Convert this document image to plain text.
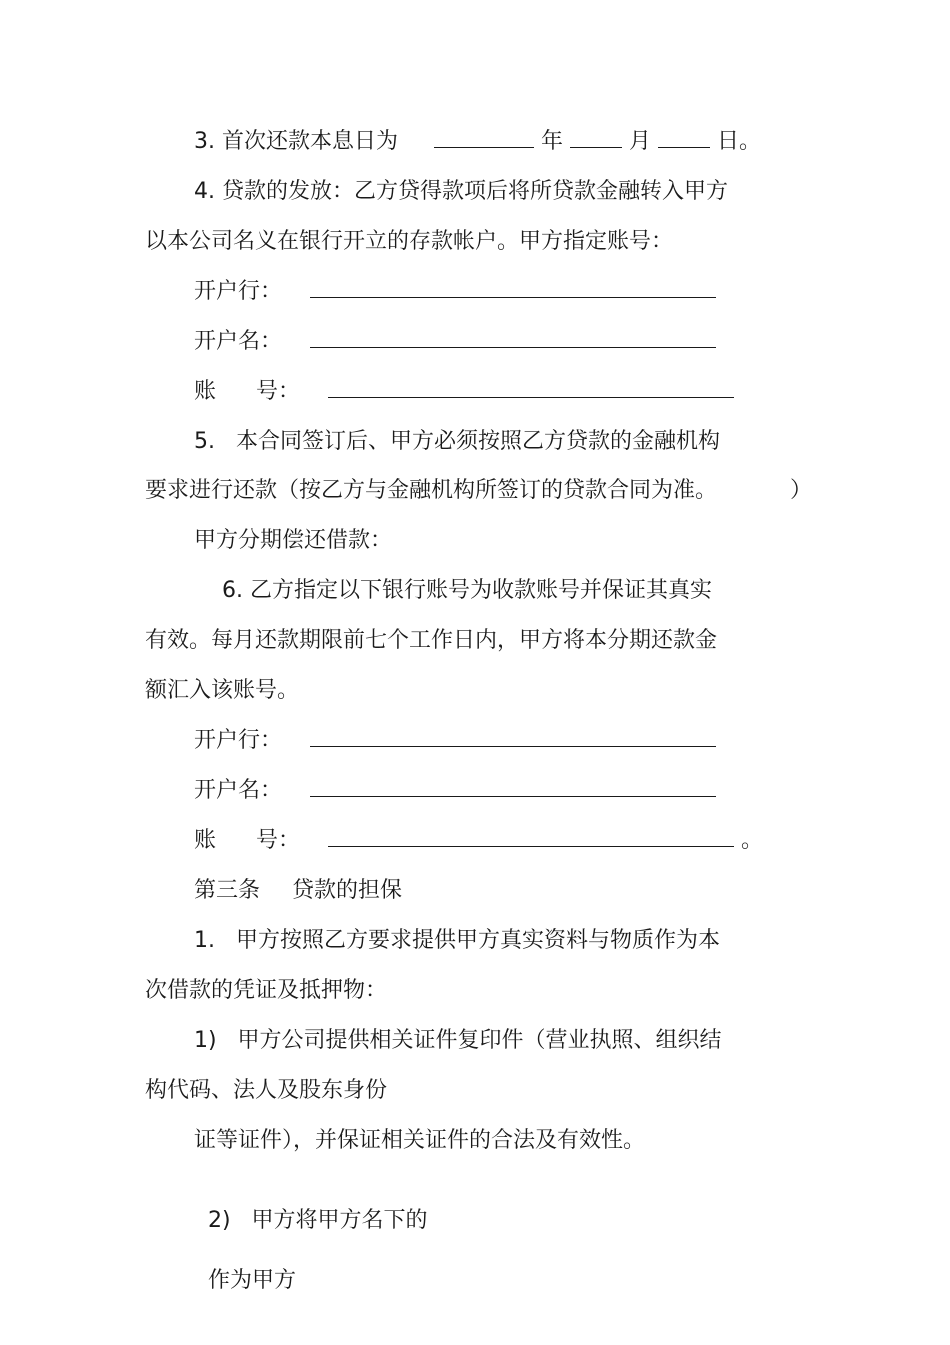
3. 首次还款本息日为	年	月	日。
4. 贷款的发放：乙方贷得款项后将所贷款金融转入甲方
以本公司名义在银行开立的存款帐户。甲方指定账号：
开户行：
开户名：
账 号：
5.   本合同签订后、甲方必须按照乙方贷款的金融机构
要求进行还款（按乙方与金融机构所签订的贷款合同为准。	）
甲方分期偿还借款：
6. 乙方指定以下银行账号为收款账号并保证其真实
有效。每月还款期限前七个工作日内，甲方将本分期还款金
额汇入该账号。
开户行：
开户名：
账 号：	。
第三条 贷款的担保
1.   甲方按照乙方要求提供甲方真实资料与物质作为本
次借款的凭证及抵押物：
1)   甲方公司提供相关证件复印件（营业执照、组织结
构代码、法人及股东身份
证等证件），并保证相关证件的合法及有效性。

2)   甲方将甲方名下的

作为甲方
